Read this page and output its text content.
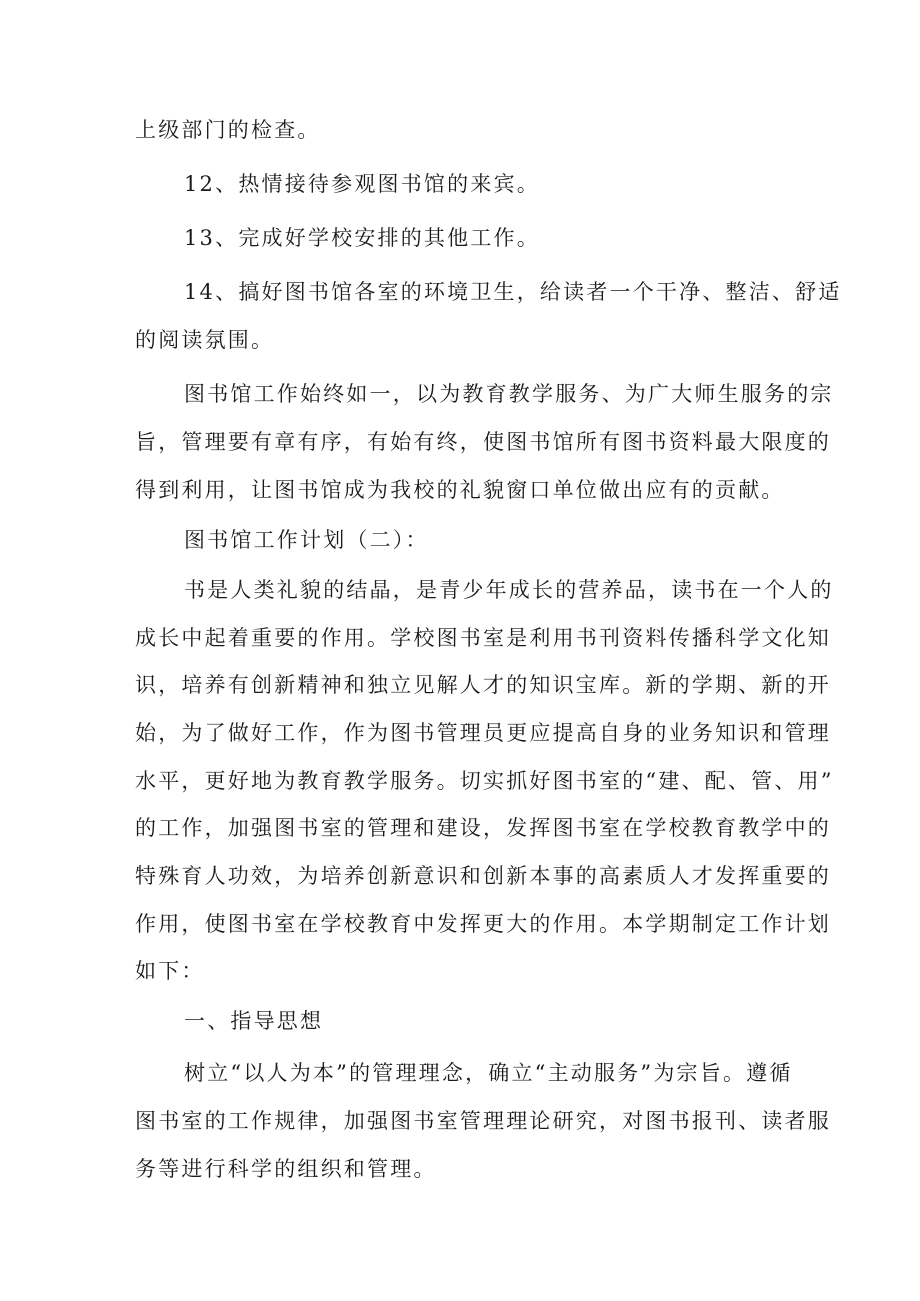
上级部门的检查。
12、热情接待参观图书馆的来宾。
13、完成好学校安排的其他工作。
14、搞好图书馆各室的环境卫生，给读者一个干净、整洁、舒适
的阅读氛围。
图书馆工作始终如一，以为教育教学服务、为广大师生服务的宗
旨，管理要有章有序，有始有终，使图书馆所有图书资料最大限度的
得到利用，让图书馆成为我校的礼貌窗口单位做出应有的贡献。
图书馆工作计划（二）：
书是人类礼貌的结晶，是青少年成长的营养品，读书在一个人的
成长中起着重要的作用。学校图书室是利用书刊资料传播科学文化知
识，培养有创新精神和独立见解人才的知识宝库。新的学期、新的开
始，为了做好工作，作为图书管理员更应提高自身的业务知识和管理
水平，更好地为教育教学服务。切实抓好图书室的“建、配、管、用”
的工作，加强图书室的管理和建设，发挥图书室在学校教育教学中的
特殊育人功效，为培养创新意识和创新本事的高素质人才发挥重要的
作用，使图书室在学校教育中发挥更大的作用。本学期制定工作计划
如下：
一、指导思想
树立“以人为本”的管理理念，确立“主动服务”为宗旨。遵循
图书室的工作规律，加强图书室管理理论研究，对图书报刊、读者服
务等进行科学的组织和管理。
